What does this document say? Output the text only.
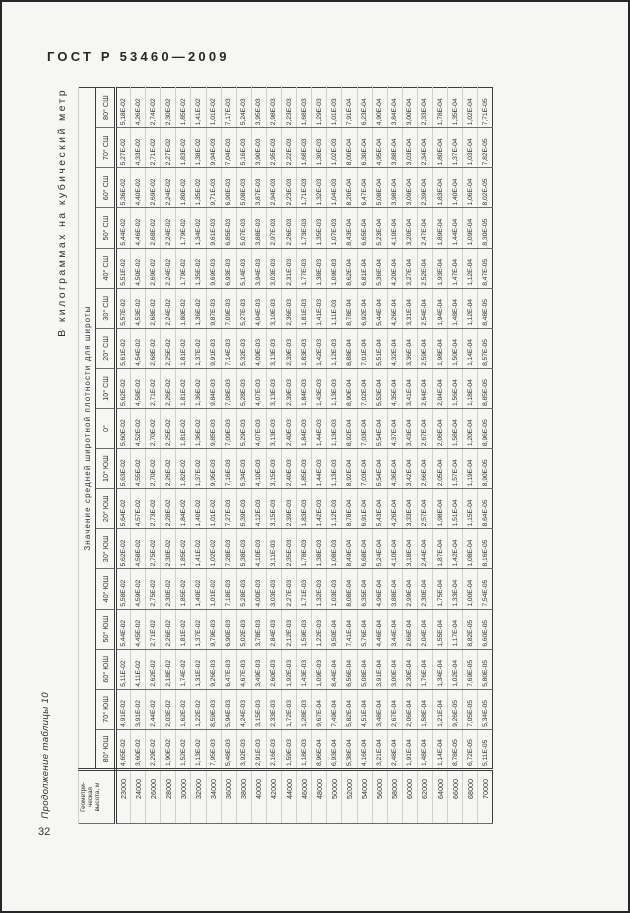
ГОСТ Р 53460—2009
В килограммах на кубический метр
Геометри-
ческая
высота, м	Значение средней широтной плотности для широты																
	80° ЮШ	70° ЮШ	60° ЮШ	50° ЮШ	40° ЮШ	30° ЮШ	20° ЮШ	10° ЮШ	0°	10° СШ	20° СШ	30° СШ	40° СШ	50° СШ	60° СШ	70° СШ	80° СШ
23000	4,65E-02	4,91E-02	5,11E-02	5,44E-02	5,58E-02	5,62E-02	5,64E-02	5,63E-02	5,60E-02	5,62E-02	5,61E-02	5,57E-02	5,51E-02	5,44E-02	5,36E-02	5,27E-02	5,18E-02
24000	3,60E-02	3,91E-02	4,11E-02	4,45E-02	4,59E-02	4,58E-02	4,57E-02	4,55E-02	4,52E-02	4,58E-02	4,54E-02	4,53E-02	4,50E-02	4,46E-02	4,40E-02	4,33E-02	4,26E-02
26000	2,29E-02	2,44E-02	2,62E-02	2,71E-02	2,75E-02	2,75E-02	2,73E-02	2,70E-02	2,70E-02	2,71E-02	2,68E-02	2,68E-02	2,69E-02	2,68E-02	2,69E-02	2,71E-02	2,74E-02
28000	1,90E-02	2,03E-02	2,18E-02	2,26E-02	2,30E-02	2,30E-02	2,28E-02	2,26E-02	2,25E-02	2,26E-02	2,25E-02	2,24E-02	2,24E-02	2,24E-02	2,24E-02	2,27E-02	2,30E-02
30000	1,52E-02	1,62E-02	1,74E-02	1,81E-02	1,85E-02	1,85E-02	1,84E-02	1,82E-02	1,81E-02	1,81E-02	1,81E-02	1,80E-02	1,79E-02	1,79E-02	1,80E-02	1,83E-02	1,85E-02
32000	1,13E-02	1,22E-02	1,31E-02	1,37E-02	1,40E-02	1,41E-02	1,40E-02	1,37E-02	1,36E-02	1,36E-02	1,37E-02	1,36E-02	1,35E-02	1,34E-02	1,35E-02	1,38E-02	1,41E-02
34000	7,95E-03	8,59E-03	9,26E-03	9,79E-03	1,01E-02	1,02E-02	1,01E-02	9,95E-03	9,85E-03	9,84E-03	9,91E-03	9,87E-03	9,69E-03	9,61E-03	9,71E-03	9,94E-03	1,01E-02
36000	5,48E-03	5,94E-03	6,47E-03	6,90E-03	7,18E-03	7,28E-03	7,27E-03	7,16E-03	7,09E-03	7,08E-03	7,14E-03	7,09E-03	6,93E-03	6,85E-03	6,90E-03	7,04E-03	7,17E-03
38000	3,92E-03	4,24E-03	4,67E-03	5,02E-03	5,28E-03	5,38E-03	5,39E-03	5,34E-03	5,29E-03	5,28E-03	5,32E-03	5,27E-03	5,14E-03	5,07E-03	5,08E-03	5,16E-03	5,24E-03
40000	2,91E-03	3,15E-03	3,49E-03	3,78E-03	4,00E-03	4,10E-03	4,12E-03	4,10E-03	4,07E-03	4,07E-03	4,09E-03	4,04E-03	3,94E-03	3,88E-03	3,87E-03	3,90E-03	3,95E-03
42000	2,16E-03	2,33E-03	2,60E-03	2,84E-03	3,03E-03	3,11E-03	3,15E-03	3,15E-03	3,13E-03	3,13E-03	3,13E-03	3,10E-03	3,03E-03	2,97E-03	2,94E-03	2,95E-03	2,98E-03
44000	1,59E-03	1,72E-03	1,92E-03	2,12E-03	2,27E-03	2,35E-03	2,39E-03	2,40E-03	2,40E-03	2,39E-03	2,39E-03	2,36E-03	2,31E-03	2,26E-03	2,23E-03	2,22E-03	2,23E-03
46000	1,18E-03	1,28E-03	1,43E-03	1,59E-03	1,71E-03	1,78E-03	1,83E-03	1,85E-03	1,84E-03	1,84E-03	1,83E-03	1,81E-03	1,77E-03	1,73E-03	1,71E-03	1,68E-03	1,68E-03
48000	8,96E-04	9,67E-04	1,09E-03	1,22E-03	1,32E-03	1,38E-03	1,42E-03	1,44E-03	1,44E-03	1,43E-03	1,42E-03	1,41E-03	1,38E-03	1,35E-03	1,32E-03	1,30E-03	1,29E-03
50000	6,93E-04	7,49E-04	8,44E-04	9,50E-04	1,03E-03	1,08E-03	1,12E-03	1,13E-03	1,13E-03	1,13E-03	1,12E-03	1,11E-03	1,09E-03	1,07E-03	1,04E-03	1,02E-03	1,01E-03
52000	5,38E-04	5,82E-04	6,56E-04	7,41E-04	8,08E-04	8,49E-04	8,78E-04	8,92E-04	8,92E-04	8,90E-04	8,88E-04	8,78E-04	8,62E-04	8,43E-04	8,20E-04	8,00E-04	7,91E-04
54000	4,16E-04	4,51E-04	5,08E-04	5,76E-04	6,35E-04	6,68E-04	6,91E-04	7,03E-04	7,03E-04	7,02E-04	7,01E-04	6,92E-04	6,81E-04	6,65E-04	6,47E-04	6,30E-04	6,23E-04
56000	3,21E-04	3,48E-04	3,91E-04	4,46E-04	4,96E-04	5,24E-04	5,43E-04	5,54E-04	5,54E-04	5,53E-04	5,51E-04	5,44E-04	5,36E-04	5,23E-04	5,08E-04	4,95E-04	4,90E-04
58000	2,48E-04	2,67E-04	3,00E-04	3,44E-04	3,88E-04	4,10E-04	4,26E-04	4,36E-04	4,37E-04	4,35E-04	4,32E-04	4,26E-04	4,20E-04	4,10E-04	3,98E-04	3,88E-04	3,84E-04
60000	1,91E-04	2,06E-04	2,30E-04	2,66E-04	2,99E-04	3,18E-04	3,33E-04	3,42E-04	3,43E-04	3,41E-04	3,36E-04	3,31E-04	3,27E-04	3,20E-04	3,09E-04	3,03E-04	3,00E-04
62000	1,48E-04	1,58E-04	1,76E-04	2,04E-04	2,30E-04	2,44E-04	2,57E-04	2,66E-04	2,67E-04	2,64E-04	2,59E-04	2,54E-04	2,52E-04	2,47E-04	2,39E-04	2,34E-04	2,33E-04
64000	1,14E-04	1,21E-04	1,34E-04	1,55E-04	1,75E-04	1,87E-04	1,98E-04	2,05E-04	2,06E-04	2,04E-04	1,98E-04	1,94E-04	1,93E-04	1,89E-04	1,83E-04	1,80E-04	1,78E-04
66000	8,78E-05	9,26E-05	1,02E-04	1,17E-04	1,33E-04	1,42E-04	1,51E-04	1,57E-04	1,58E-04	1,56E-04	1,50E-04	1,48E-04	1,47E-04	1,44E-04	1,40E-04	1,37E-04	1,35E-04
68000	6,72E-05	7,05E-05	7,69E-05	8,82E-05	1,00E-04	1,08E-04	1,15E-04	1,19E-04	1,20E-04	1,18E-04	1,14E-04	1,12E-04	1,12E-04	1,09E-04	1,06E-04	1,03E-04	1,02E-04
70000	5,11E-05	5,34E-05	5,80E-05	6,60E-05	7,54E-05	8,16E-05	8,64E-05	8,90E-05	8,96E-05	8,85E-05	8,57E-05	8,48E-05	8,47E-05	8,30E-05	8,02E-05	7,82E-05	7,71E-05
Продолжение таблицы 10
32
